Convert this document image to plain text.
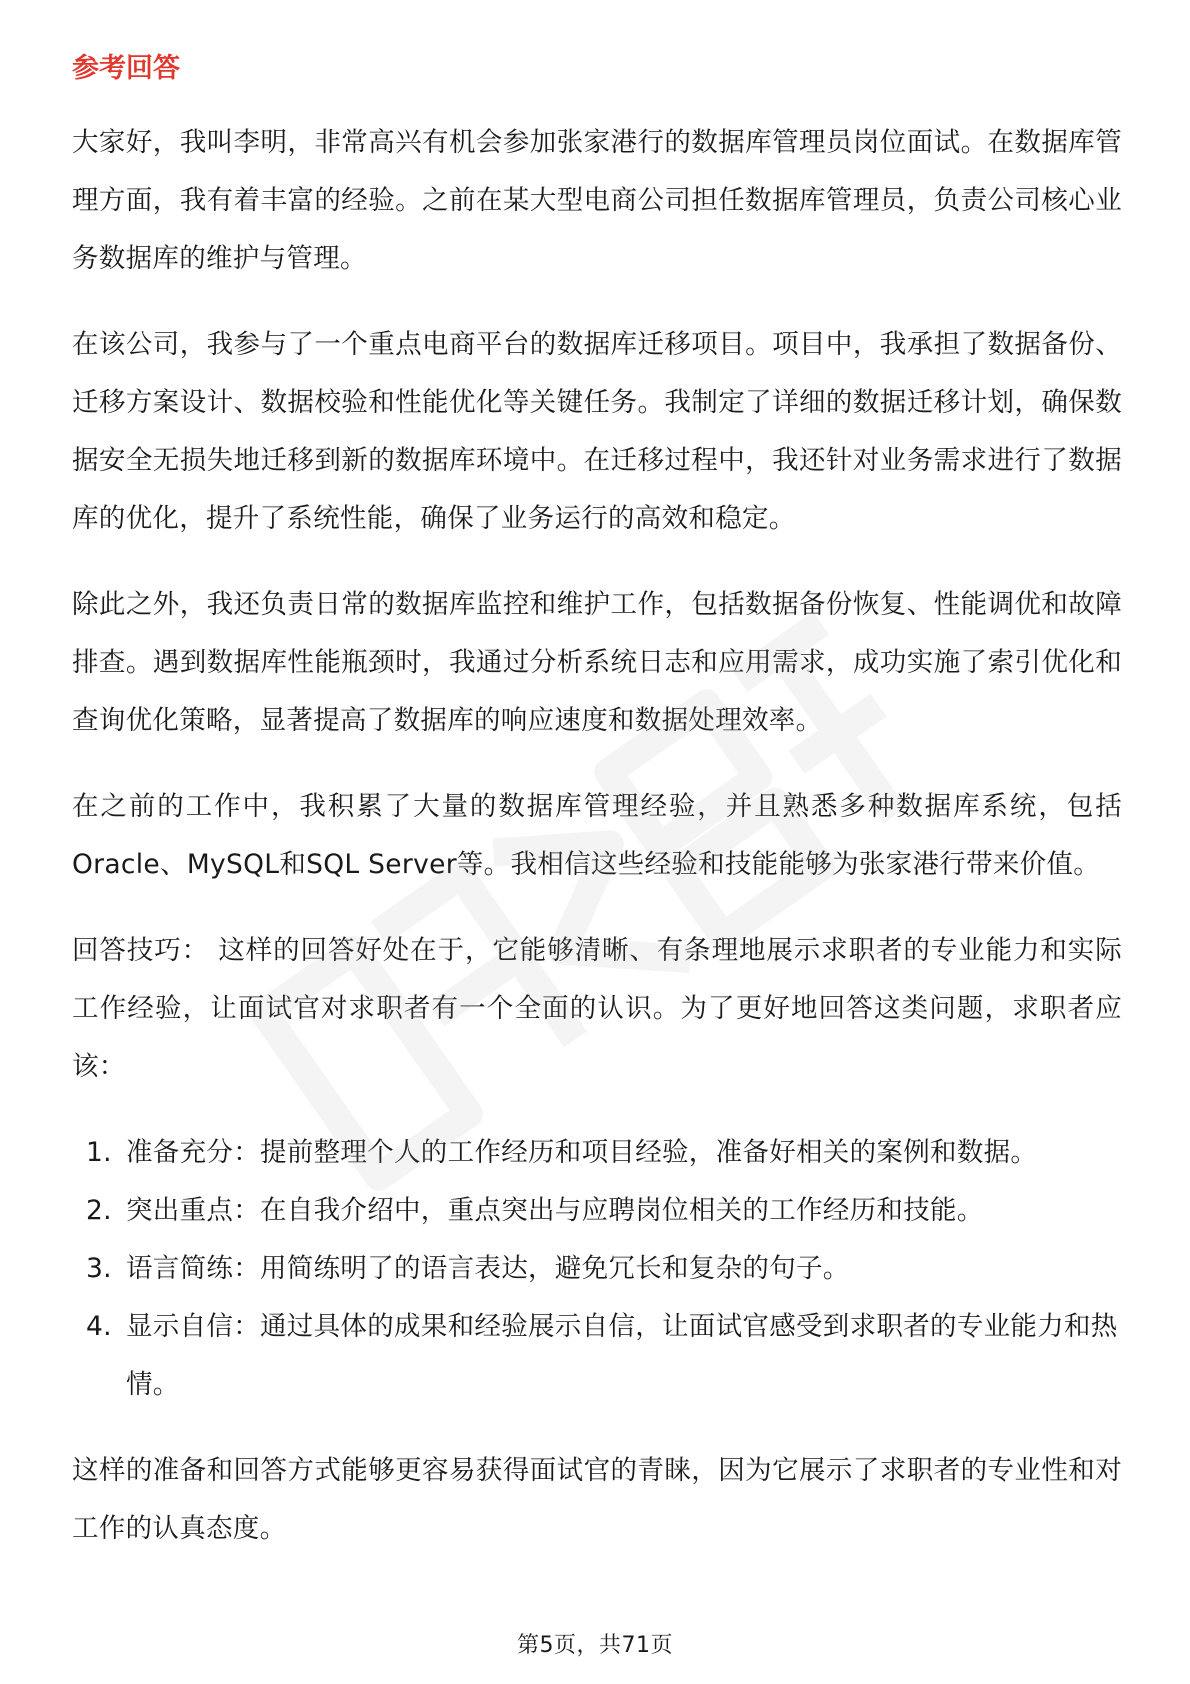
参考回答

大家好，我叫李明，非常高兴有机会参加张家港行的数据库管理员岗位面试。在数据库管理方面，我有着丰富的经验。之前在某大型电商公司担任数据库管理员，负责公司核心业务数据库的维护与管理。

在该公司，我参与了一个重点电商平台的数据库迁移项目。项目中，我承担了数据备份、迁移方案设计、数据校验和性能优化等关键任务。我制定了详细的数据迁移计划，确保数据安全无损失地迁移到新的数据库环境中。在迁移过程中，我还针对业务需求进行了数据库的优化，提升了系统性能，确保了业务运行的高效和稳定。

除此之外，我还负责日常的数据库监控和维护工作，包括数据备份恢复、性能调优和故障排查。遇到数据库性能瓶颈时，我通过分析系统日志和应用需求，成功实施了索引优化和查询优化策略，显著提高了数据库的响应速度和数据处理效率。

在之前的工作中，我积累了大量的数据库管理经验，并且熟悉多种数据库系统，包括Oracle、MySQL和SQL Server等。我相信这些经验和技能能够为张家港行带来价值。

回答技巧： 这样的回答好处在于，它能够清晰、有条理地展示求职者的专业能力和实际工作经验，让面试官对求职者有一个全面的认识。为了更好地回答这类问题，求职者应该：

1. 准备充分：提前整理个人的工作经历和项目经验，准备好相关的案例和数据。
2. 突出重点：在自我介绍中，重点突出与应聘岗位相关的工作经历和技能。
3. 语言简练：用简练明了的语言表达，避免冗长和复杂的句子。
4. 显示自信：通过具体的成果和经验展示自信，让面试官感受到求职者的专业能力和热情。

这样的准备和回答方式能够更容易获得面试官的青睐，因为它展示了求职者的专业性和对工作的认真态度。

第5页，共71页
